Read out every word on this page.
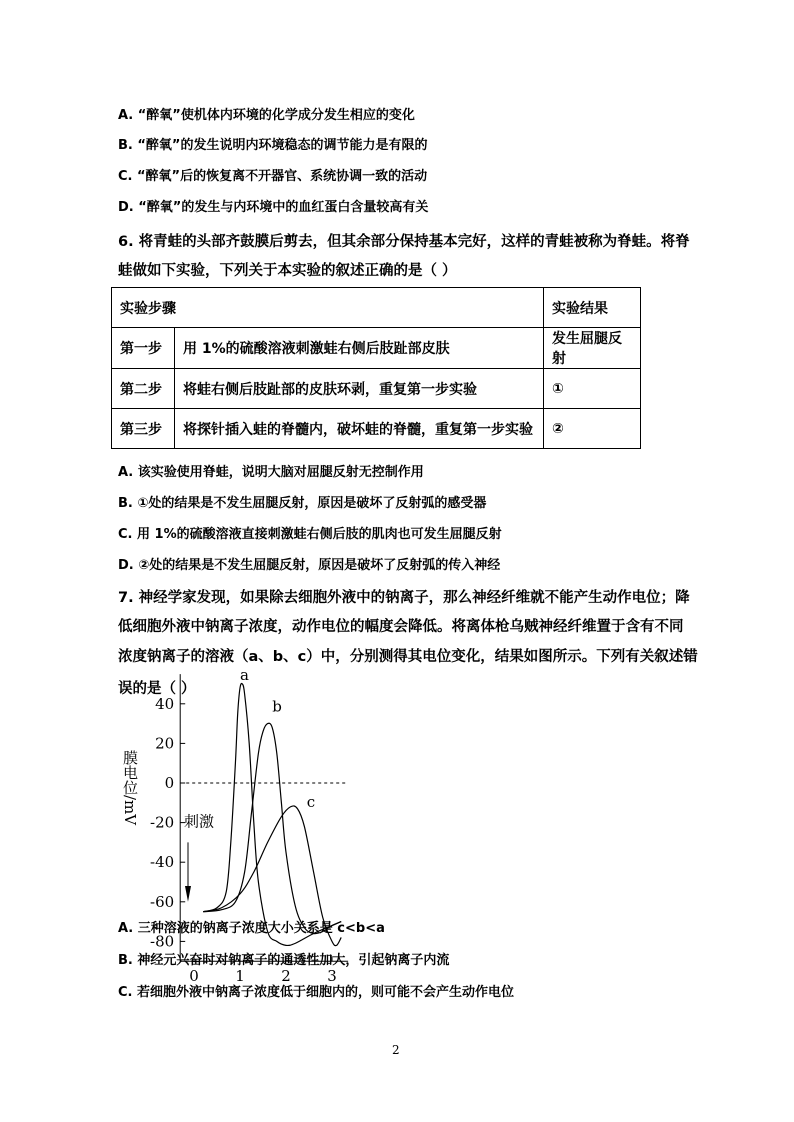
A. “醉氧”使机体内环境的化学成分发生相应的变化
B. “醉氧”的发生说明内环境稳态的调节能力是有限的
C. “醉氧”后的恢复离不开器官、系统协调一致的活动
D. “醉氧”的发生与内环境中的血红蛋白含量较高有关
6. 将青蛙的头部齐鼓膜后剪去，但其余部分保持基本完好，这样的青蛙被称为脊蛙。将脊
蛙做如下实验，下列关于本实验的叙述正确的是（ ）
实验步骤		实验结果
第一步	用 1%的硫酸溶液刺激蛙右侧后肢趾部皮肤	发生屈腿反射
第二步	将蛙右侧后肢趾部的皮肤环剥，重复第一步实验	①
第三步	将探针插入蛙的脊髓内，破坏蛙的脊髓，重复第一步实验	②
A. 该实验使用脊蛙，说明大脑对屈腿反射无控制作用
B. ①处的结果是不发生屈腿反射，原因是破坏了反射弧的感受器
C. 用 1%的硫酸溶液直接刺激蛙右侧后肢的肌肉也可发生屈腿反射
D. ②处的结果是不发生屈腿反射，原因是破坏了反射弧的传入神经
7. 神经学家发现，如果除去细胞外液中的钠离子，那么神经纤维就不能产生动作电位；降
低细胞外液中钠离子浓度，动作电位的幅度会降低。将离体枪乌贼神经纤维置于含有不同
浓度钠离子的溶液（a、b、c）中，分别测得其电位变化，结果如图所示。下列有关叙述错
误的是（ ）
40
20
0
-20
-40
-60
-80
0 1 2 3
膜电位/mV	刺激
a
b
c
A. 三种溶液的钠离子浓度大小关系是 c<b<a
B. 神经元兴奋时对钠离子的通透性加大，引起钠离子内流
C. 若细胞外液中钠离子浓度低于细胞内的，则可能不会产生动作电位
2
